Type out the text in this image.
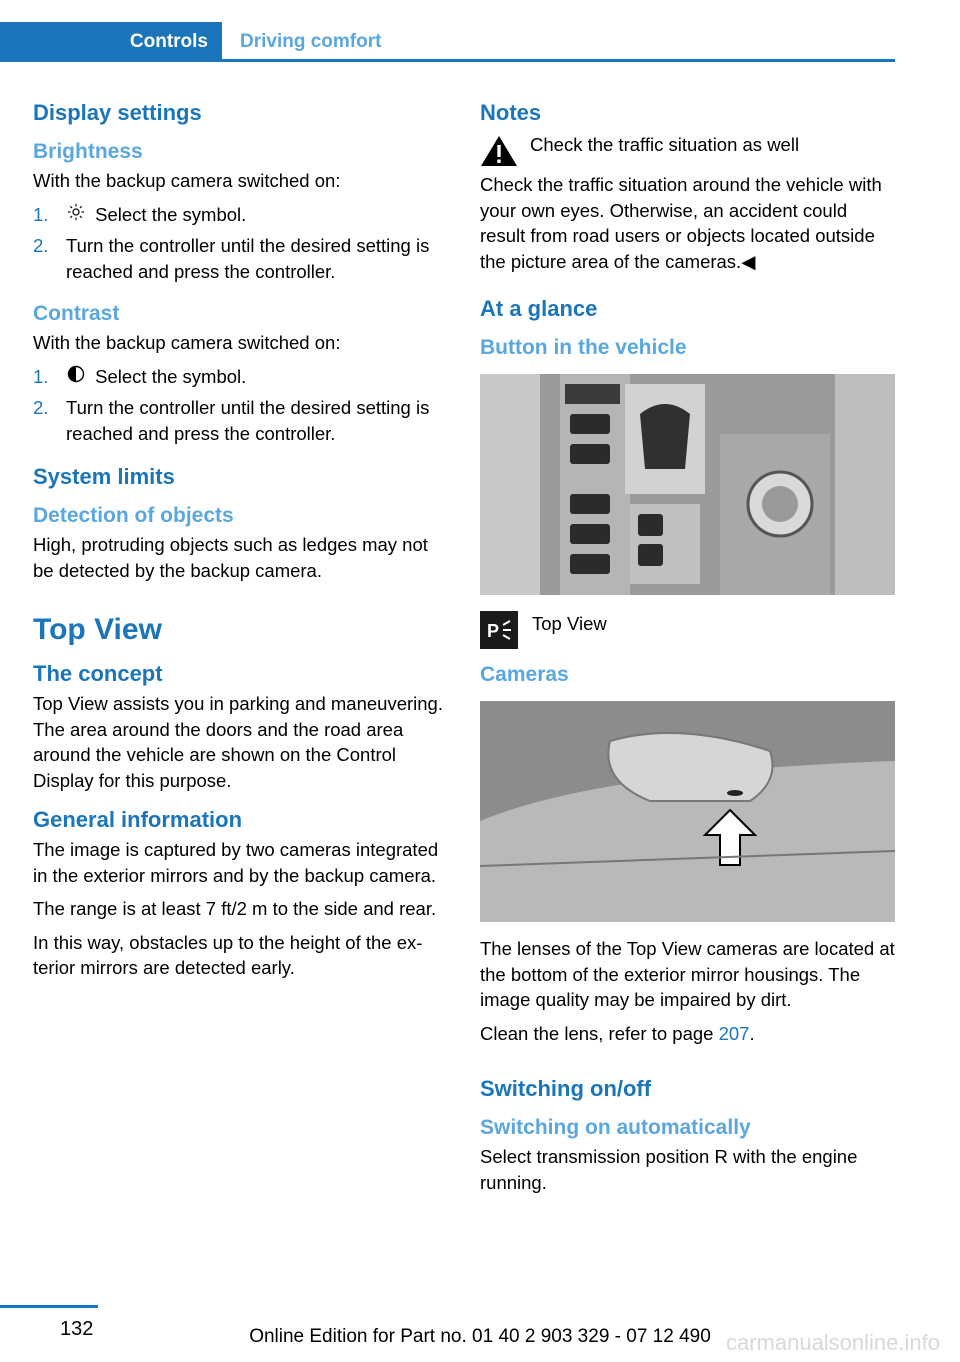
Controls	Driving comfort
Display settings
Brightness

With the backup camera switched on:

1.	Select the symbol.
2. Turn the controller until the desired setting is reached and press the controller.
Contrast

With the backup camera switched on:

1.	Select the symbol.
2. Turn the controller until the desired setting is reached and press the controller.
System limits
Detection of objects

High, protruding objects such as ledges may not be detected by the backup camera.

Top View
The concept

Top View assists you in parking and maneuvering. The area around the doors and the road area around the vehicle are shown on the Control Display for this purpose.

General information

The image is captured by two cameras integrated in the exterior mirrors and by the backup camera.

The range is at least 7 ft/2 m to the side and rear.

In this way, obstacles up to the height of the exterior mirrors are detected early.

Notes

Check the traffic situation as well

Check the traffic situation around the vehicle with your own eyes. Otherwise, an accident could result from road users or objects located outside the picture area of the cameras.◀

At a glance
Button in the vehicle
P Top View
Cameras

The lenses of the Top View cameras are located at the bottom of the exterior mirror housings. The image quality may be impaired by dirt.

Clean the lens, refer to page 207.

Switching on/off
Switching on automatically

Select transmission position R with the engine running.

132	Online Edition for Part no. 01 40 2 903 329 - 07 12 490 carmanualsonline.info
